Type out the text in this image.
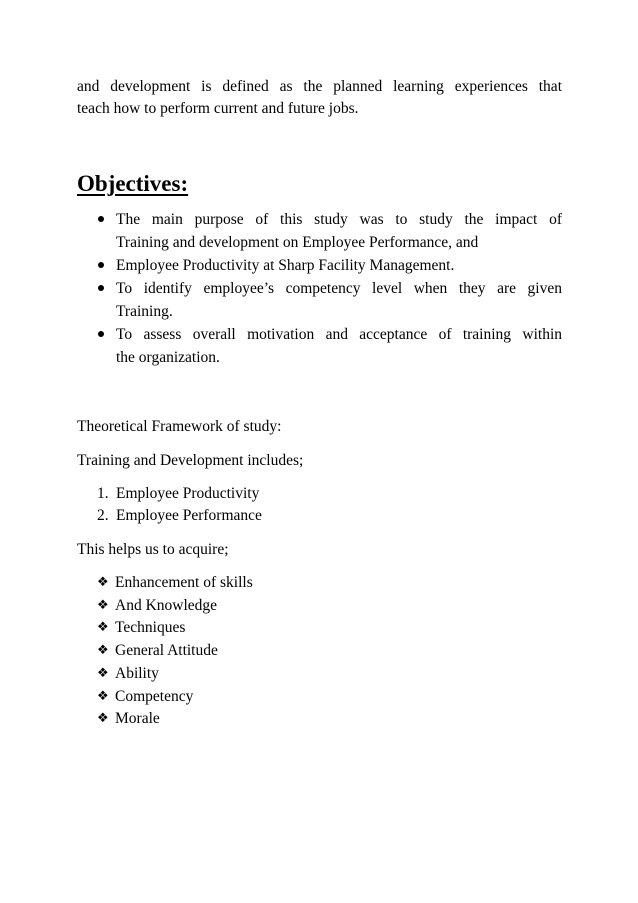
and development is defined as the planned learning experiences that
teach how to perform current and future jobs.
Objectives:
The main purpose of this study was to study the impact of
Training and development on Employee Performance, and
Employee Productivity at Sharp Facility Management.
To identify employee’s competency level when they are given
Training.
To assess overall motivation and acceptance of training within
the organization.
Theoretical Framework of study:
Training and Development includes;
1. Employee Productivity
2. Employee Performance
This helps us to acquire;
❖ Enhancement of skills
❖ And Knowledge
❖ Techniques
❖ General Attitude
❖ Ability
❖ Competency
❖ Morale
